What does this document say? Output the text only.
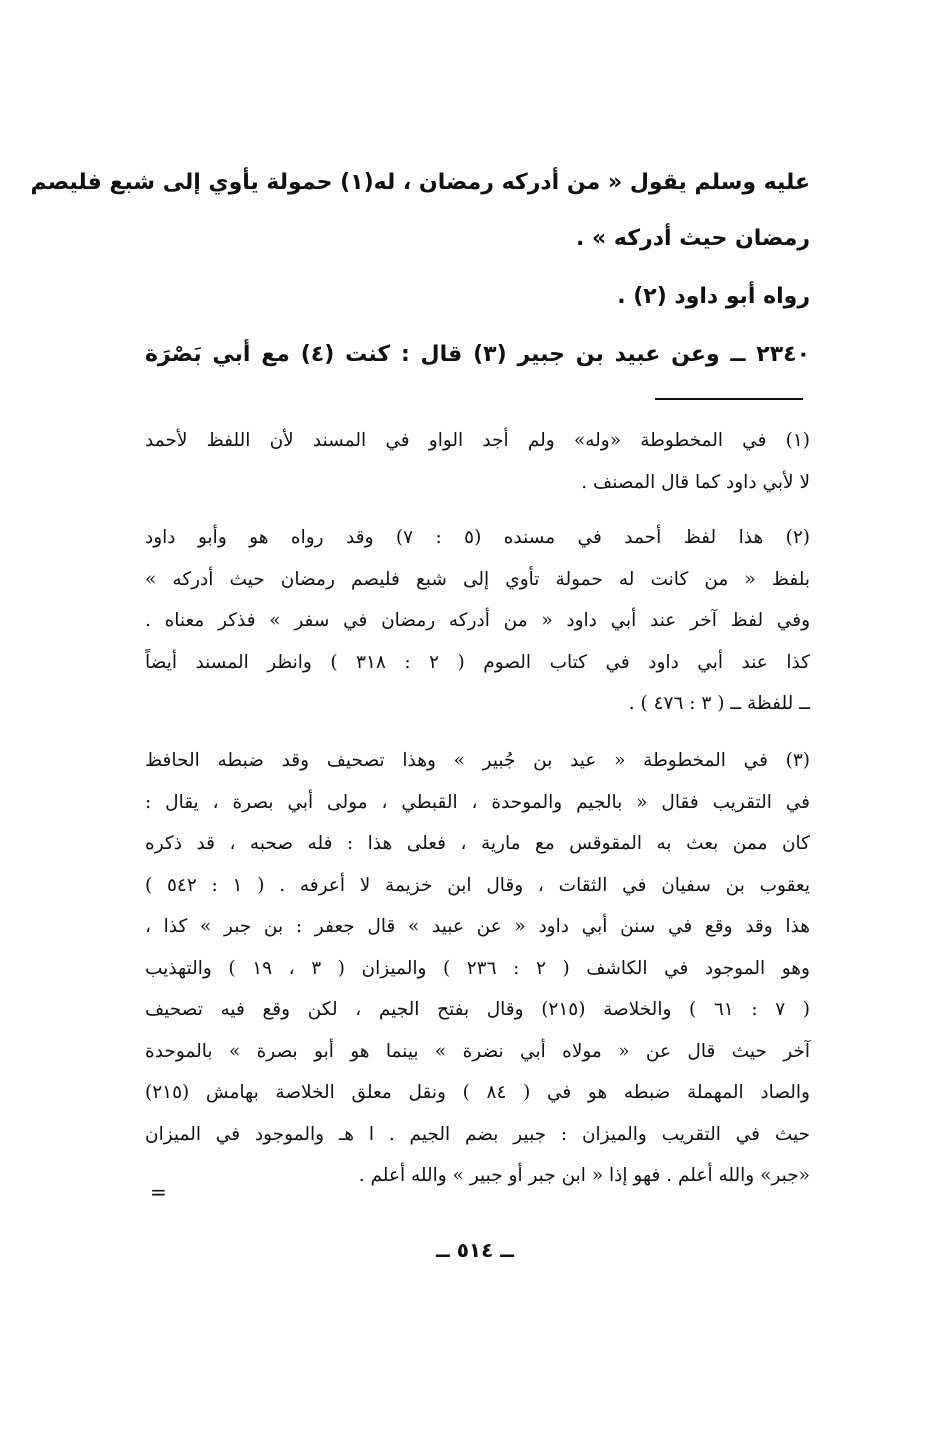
عليه وسلم يقول « من أدركه رمضان ، له(١) حمولة يأوي إلى شبع فليصم
رمضان حيث أدركه » .
رواه أبو داود (٢) .
٢٣٤٠ ــ وعن عبيد بن جبير (٣) قال : كنت (٤) مع أبي بَصْرَة
(١) في المخطوطة «وله» ولم أجد الواو في المسند لأن اللفظ لأحمد
لا لأبي داود كما قال المصنف .
(٢) هذا لفظ أحمد في مسنده (٥ : ٧) وقد رواه هو وأبو داود
بلفظ « من كانت له حمولة تأوي إلى شبع فليصم رمضان حيث أدركه »
وفي لفظ آخر عند أبي داود « من أدركه رمضان في سفر » فذكر معناه .
كذا عند أبي داود في كتاب الصوم ( ٢ : ٣١٨ ) وانظر المسند أيضاً
ــ للفظة ــ ( ٣ : ٤٧٦ ) .
(٣) في المخطوطة « عيد بن جُبير » وهذا تصحيف وقد ضبطه الحافظ
في التقريب فقال « بالجيم والموحدة ، القبطي ، مولى أبي بصرة ، يقال :
كان ممن بعث به المقوقس مع مارية ، فعلى هذا : فله صحبه ، قد ذكره
يعقوب بن سفيان في الثقات ، وقال ابن خزيمة لا أعرفه . ( ١ : ٥٤٢ )
هذا وقد وقع في سنن أبي داود « عن عبيد » قال جعفر : بن جبر » كذا ،
وهو الموجود في الكاشف ( ٢ : ٢٣٦ ) والميزان ( ٣ ، ١٩ ) والتهذيب
( ٧ : ٦١ ) والخلاصة (٢١٥) وقال بفتح الجيم ، لكن وقع فيه تصحيف
آخر حيث قال عن « مولاه أبي نضرة » بينما هو أبو بصرة » بالموحدة
والصاد المهملة ضبطه هو في ( ٨٤ ) ونقل معلق الخلاصة بهامش (٢١٥)
حيث في التقريب والميزان : جبير بضم الجيم . ا هـ والموجود في الميزان
«جبر» والله أعلم . فهو إذا « ابن جبر أو جبير » والله أعلم .
=
ــ ٥١٤ ــ
